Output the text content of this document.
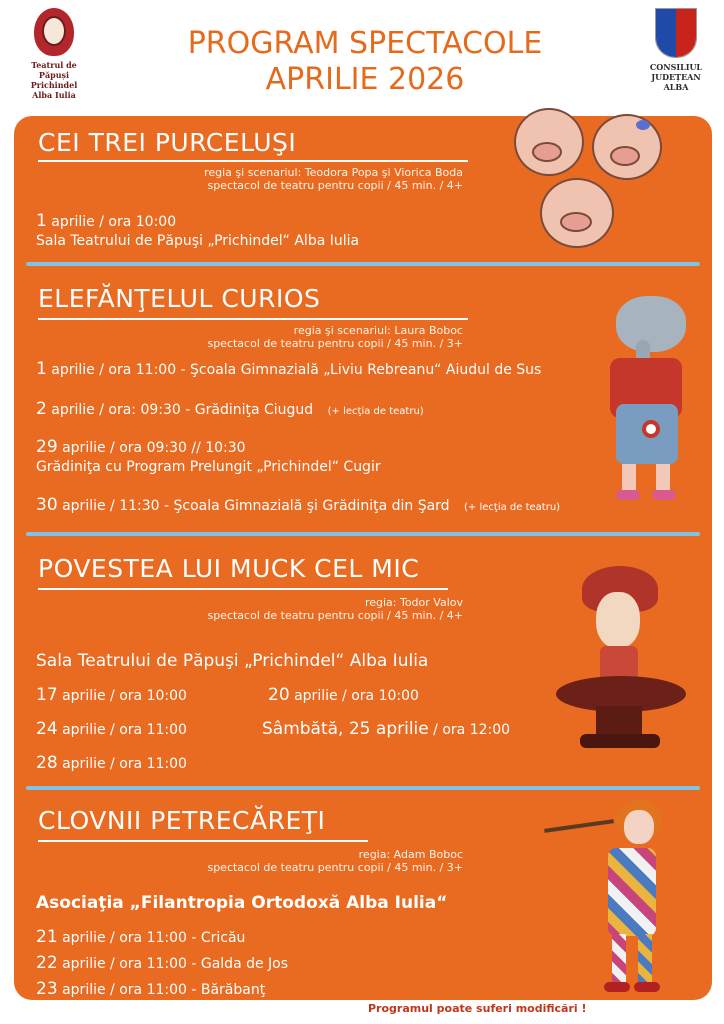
Teatrul de Păpuși
Prichindel
Alba Iulia
PROGRAM SPECTACOLE
APRILIE 2026	CONSILIUL
JUDEȚEAN
ALBA
CEI TREI PURCELUŞI
regia şi scenariul: Teodora Popa şi Viorica Boda
spectacol de teatru pentru copii / 45 min. / 4+
1 aprilie / ora 10:00
Sala Teatrului de Păpuşi „Prichindel“ Alba Iulia
ELEFĂNŢELUL CURIOS
regia şi scenariul: Laura Boboc
spectacol de teatru pentru copii / 45 min. / 3+
1 aprilie / ora 11:00 - Şcoala Gimnazială „Liviu Rebreanu“ Aiudul de Sus
2 aprilie / ora: 09:30 - Grădiniţa Ciugud (+ lecţia de teatru)
29 aprilie / ora 09:30 // 10:30
Grădiniţa cu Program Prelungit „Prichindel“ Cugir
30 aprilie / 11:30 - Şcoala Gimnazială şi Grădiniţa din Şard (+ lecţia de teatru)
POVESTEA LUI MUCK CEL MIC
regia: Todor Valov
spectacol de teatru pentru copii / 45 min. / 4+
Sala Teatrului de Păpuşi „Prichindel“ Alba Iulia
17 aprilie / ora 10:00	20 aprilie / ora 10:00
24 aprilie / ora 11:00	Sâmbătă, 25 aprilie / ora 12:00
28 aprilie / ora 11:00
CLOVNII PETRECĂREŢI
regia: Adam Boboc
spectacol de teatru pentru copii / 45 min. / 3+
Asociaţia „Filantropia Ortodoxă Alba Iulia“
21 aprilie / ora 11:00 - Cricău
22 aprilie / ora 11:00 - Galda de Jos
23 aprilie / ora 11:00 - Bărăbanţ
Programul poate suferi modificări !
